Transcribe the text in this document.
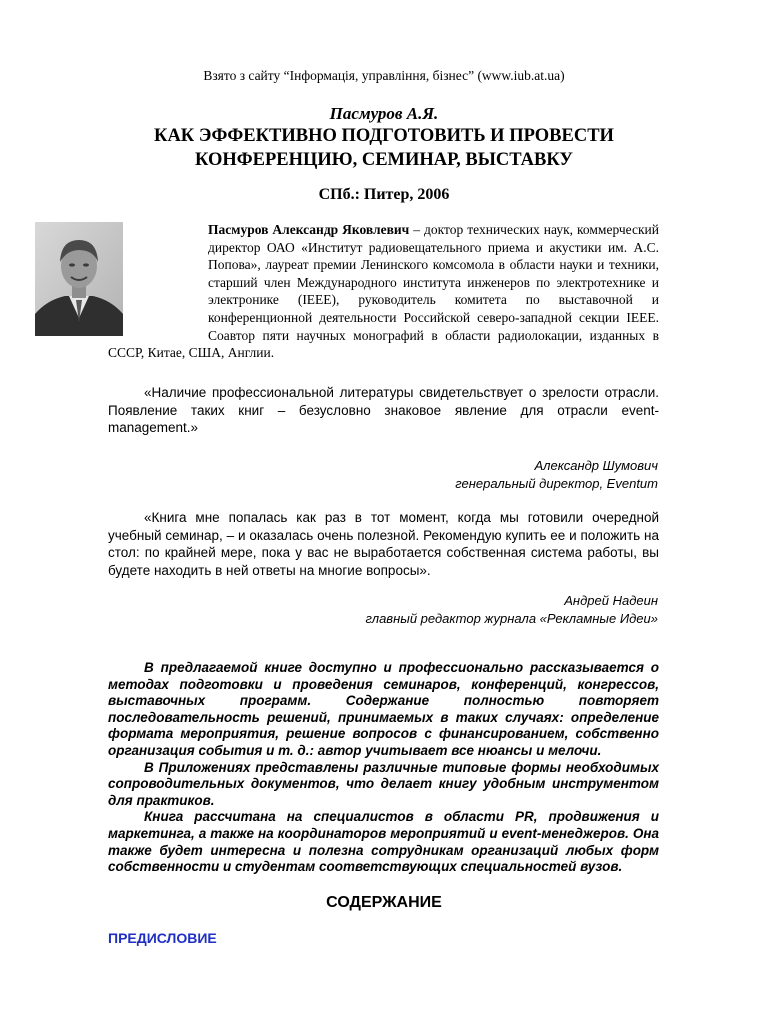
Взято з сайту “Інформація, управління, бізнес” (www.iub.at.ua)
Пасмуров А.Я.
КАК ЭФФЕКТИВНО ПОДГОТОВИТЬ И ПРОВЕСТИ
КОНФЕРЕНЦИЮ, СЕМИНАР, ВЫСТАВКУ
СПб.: Питер, 2006
Пасмуров Александр Яковлевич – доктор технических наук, коммерческий директор ОАО «Институт радиовещательного приема и акустики им. А.С. Попова», лауреат премии Ленинского комсомола в области науки и техники, старший член Международного института инженеров по электротехнике и электронике (IEEE), руководитель комитета по выставочной и конференционной деятельности Российской северо-западной секции IEEE. Соавтор пяти научных монографий в области радиолокации, изданных в СССР, Китае, США, Англии.

«Наличие профессиональной литературы свидетельствует о зрелости отрасли. Появление таких книг – безусловно знаковое явление для отрасли event-management.»

Александр Шумович
генеральный директор, Eventum

«Книга мне попалась как раз в тот момент, когда мы готовили очередной учебный семинар, – и оказалась очень полезной. Рекомендую купить ее и положить на стол: по крайней мере, пока у вас не выработается собственная система работы, вы будете находить в ней ответы на многие вопросы».

Андрей Надеин
главный редактор журнала «Рекламные Идеи»

В предлагаемой книге доступно и профессионально рассказывается о методах подготовки и проведения семинаров, конференций, конгрессов, выставочных программ. Содержание полностью повторяет последовательность решений, принимаемых в таких случаях: определение формата мероприятия, решение вопросов с финансированием, собственно организация события и т. д.: автор учитывает все нюансы и мелочи.

В Приложениях представлены различные типовые формы необходимых сопроводительных документов, что делает книгу удобным инструментом для практиков.

Книга рассчитана на специалистов в области PR, продвижения и маркетинга, а также на координаторов мероприятий и event-менеджеров. Она также будет интересна и полезна сотрудникам организаций любых форм собственности и студентам соответствующих специальностей вузов.

СОДЕРЖАНИЕ
ПРЕДИСЛОВИЕ
